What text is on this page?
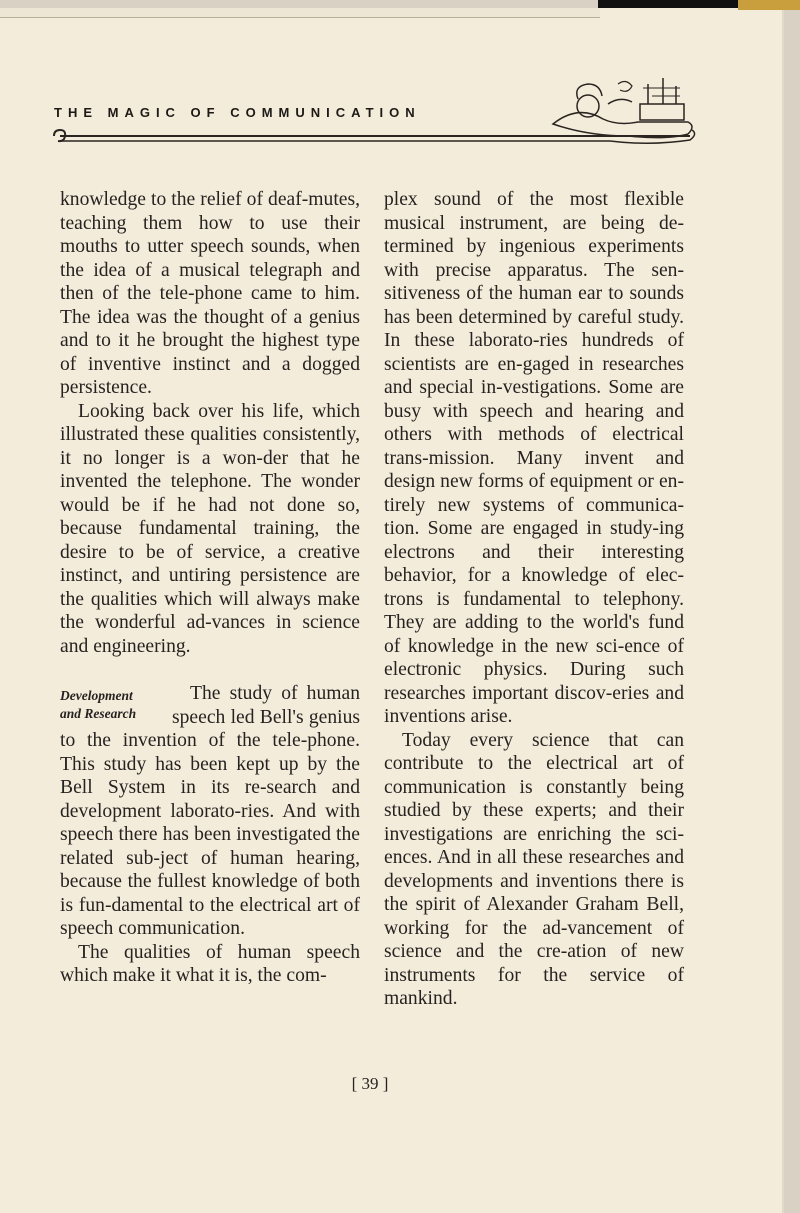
THE MAGIC OF COMMUNICATION

knowledge to the relief of deaf-mutes, teaching them how to use their mouths to utter speech sounds, when the idea of a musical telegraph and then of the tele-phone came to him. The idea was the thought of a genius and to it he brought the highest type of inventive instinct and a dogged persistence.

Looking back over his life, which illustrated these qualities consistently, it no longer is a won-der that he invented the telephone. The wonder would be if he had not done so, because fundamental training, the desire to be of service, a creative instinct, and untiring persistence are the qualities which will always make the wonderful ad-vances in science and engineering.

Development
and Research

The study of human speech led Bell's genius to the invention of the tele-phone. This study has been kept up by the Bell System in its re-search and development laborato-ries. And with speech there has been investigated the related sub-ject of human hearing, because the fullest knowledge of both is fun-damental to the electrical art of speech communication.

The qualities of human speech which make it what it is, the com-

plex sound of the most flexible musical instrument, are being de-termined by ingenious experiments with precise apparatus. The sen-sitiveness of the human ear to sounds has been determined by careful study. In these laborato-ries hundreds of scientists are en-gaged in researches and special in-vestigations. Some are busy with speech and hearing and others with methods of electrical trans-mission. Many invent and design new forms of equipment or en-tirely new systems of communica-tion. Some are engaged in study-ing electrons and their interesting behavior, for a knowledge of elec-trons is fundamental to telephony. They are adding to the world's fund of knowledge in the new sci-ence of electronic physics. During such researches important discov-eries and inventions arise.

Today every science that can contribute to the electrical art of communication is constantly being studied by these experts; and their investigations are enriching the sci-ences. And in all these researches and developments and inventions there is the spirit of Alexander Graham Bell, working for the ad-vancement of science and the cre-ation of new instruments for the service of mankind.

[ 39 ]
